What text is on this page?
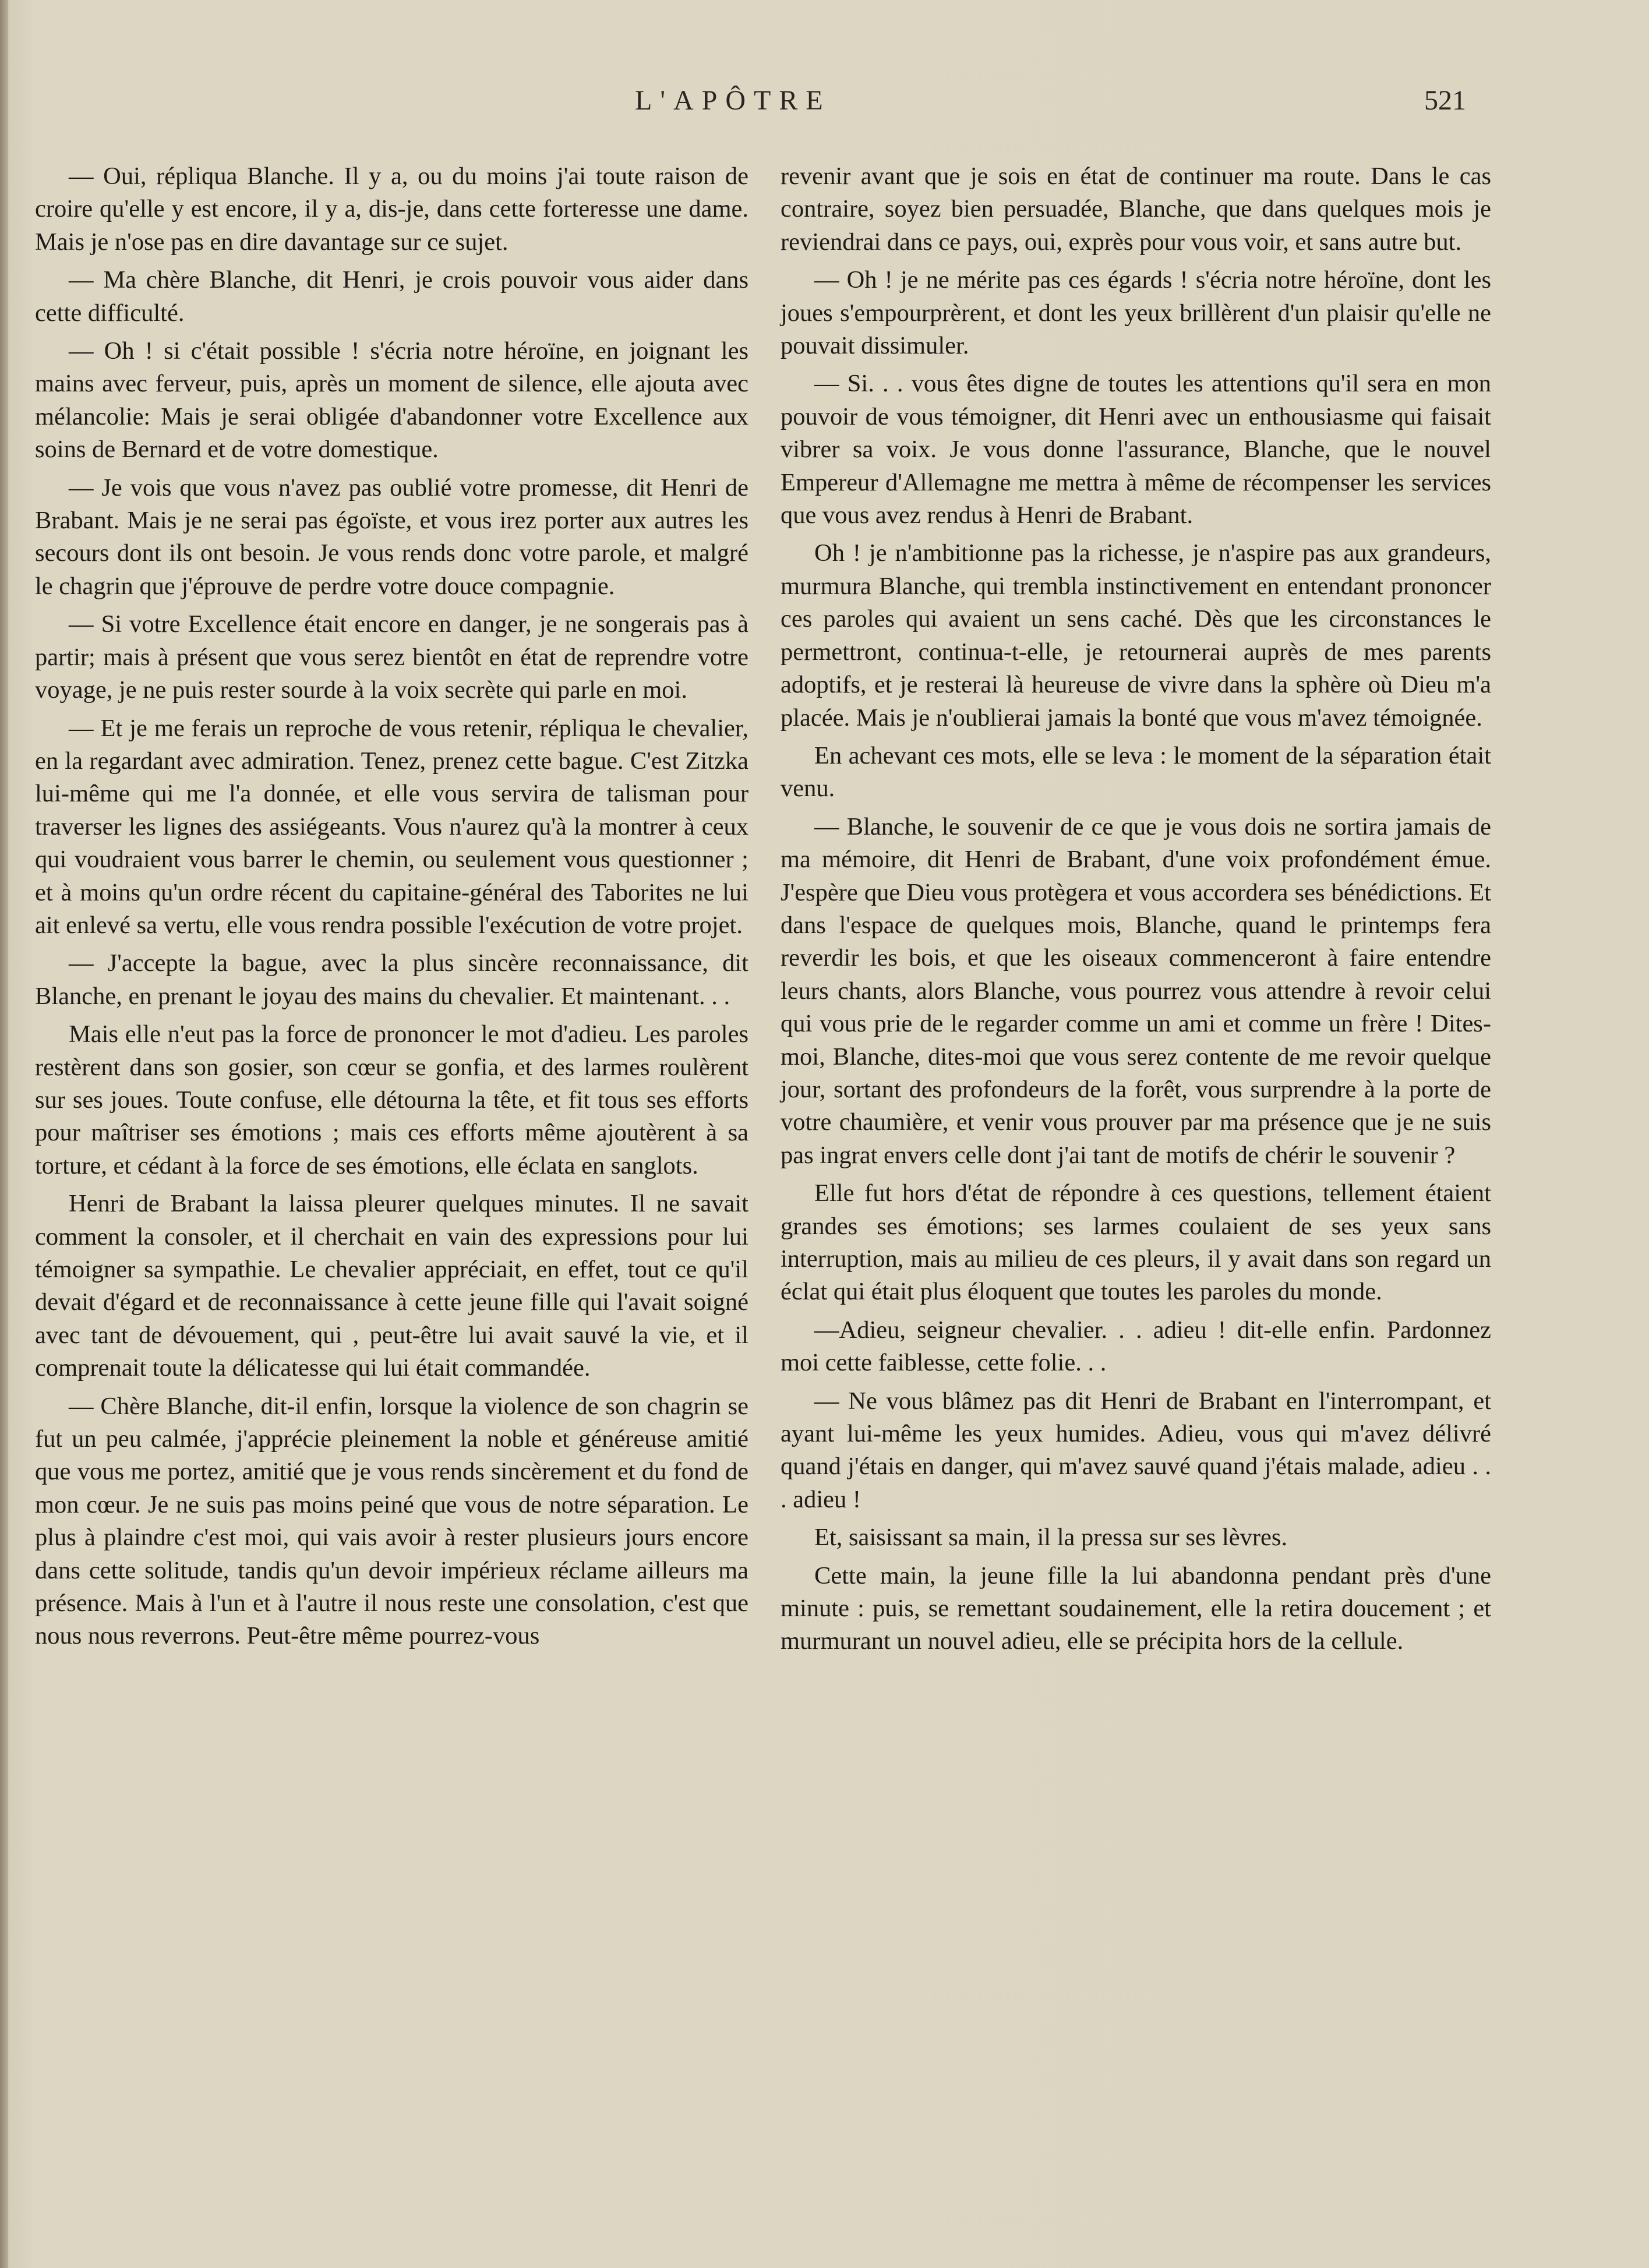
L'APÔTRE	521

— Oui, répliqua Blanche. Il y a, ou du moins j'ai toute raison de croire qu'elle y est encore, il y a, dis-je, dans cette forteresse une dame. Mais je n'ose pas en dire davantage sur ce sujet.

— Ma chère Blanche, dit Henri, je crois pouvoir vous aider dans cette difficulté.

— Oh ! si c'était possible ! s'écria notre héroïne, en joignant les mains avec ferveur, puis, après un moment de silence, elle ajouta avec mélancolie: Mais je serai obligée d'abandonner votre Excellence aux soins de Bernard et de votre domestique.

— Je vois que vous n'avez pas oublié votre promesse, dit Henri de Brabant. Mais je ne serai pas égoïste, et vous irez porter aux autres les secours dont ils ont besoin. Je vous rends donc votre parole, et malgré le chagrin que j'éprouve de perdre votre douce compagnie.

— Si votre Excellence était encore en danger, je ne songerais pas à partir; mais à présent que vous serez bientôt en état de reprendre votre voyage, je ne puis rester sourde à la voix secrète qui parle en moi.

— Et je me ferais un reproche de vous retenir, répliqua le chevalier, en la regardant avec admiration. Tenez, prenez cette bague. C'est Zitzka lui-même qui me l'a donnée, et elle vous servira de talisman pour traverser les lignes des assiégeants. Vous n'aurez qu'à la montrer à ceux qui voudraient vous barrer le chemin, ou seulement vous questionner ; et à moins qu'un ordre récent du capitaine-général des Taborites ne lui ait enlevé sa vertu, elle vous rendra possible l'exécution de votre projet.

— J'accepte la bague, avec la plus sincère reconnaissance, dit Blanche, en prenant le joyau des mains du chevalier. Et maintenant. . .

Mais elle n'eut pas la force de prononcer le mot d'adieu. Les paroles restèrent dans son gosier, son cœur se gonfia, et des larmes roulèrent sur ses joues. Toute confuse, elle détourna la tête, et fit tous ses efforts pour maîtriser ses émotions ; mais ces efforts même ajoutèrent à sa torture, et cédant à la force de ses émotions, elle éclata en sanglots.

Henri de Brabant la laissa pleurer quelques minutes. Il ne savait comment la consoler, et il cherchait en vain des expressions pour lui témoigner sa sympathie. Le chevalier appréciait, en effet, tout ce qu'il devait d'égard et de reconnaissance à cette jeune fille qui l'avait soigné avec tant de dévouement, qui , peut-être lui avait sauvé la vie, et il comprenait toute la délicatesse qui lui était commandée.

— Chère Blanche, dit-il enfin, lorsque la violence de son chagrin se fut un peu calmée, j'apprécie pleinement la noble et généreuse amitié que vous me portez, amitié que je vous rends sincèrement et du fond de mon cœur. Je ne suis pas moins peiné que vous de notre séparation. Le plus à plaindre c'est moi, qui vais avoir à rester plusieurs jours encore dans cette solitude, tandis qu'un devoir impérieux réclame ailleurs ma présence. Mais à l'un et à l'autre il nous reste une consolation, c'est que nous nous reverrons. Peut-être même pourrez-vous

revenir avant que je sois en état de continuer ma route. Dans le cas contraire, soyez bien persuadée, Blanche, que dans quelques mois je reviendrai dans ce pays, oui, exprès pour vous voir, et sans autre but.

— Oh ! je ne mérite pas ces égards ! s'écria notre héroïne, dont les joues s'empourprèrent, et dont les yeux brillèrent d'un plaisir qu'elle ne pouvait dissimuler.

— Si. . . vous êtes digne de toutes les attentions qu'il sera en mon pouvoir de vous témoigner, dit Henri avec un enthousiasme qui faisait vibrer sa voix. Je vous donne l'assurance, Blanche, que le nouvel Empereur d'Allemagne me mettra à même de récompenser les services que vous avez rendus à Henri de Brabant.

Oh ! je n'ambitionne pas la richesse, je n'aspire pas aux grandeurs, murmura Blanche, qui trembla instinctivement en entendant prononcer ces paroles qui avaient un sens caché. Dès que les circonstances le permettront, continua-t-elle, je retournerai auprès de mes parents adoptifs, et je resterai là heureuse de vivre dans la sphère où Dieu m'a placée. Mais je n'oublierai jamais la bonté que vous m'avez témoignée.

En achevant ces mots, elle se leva : le moment de la séparation était venu.

— Blanche, le souvenir de ce que je vous dois ne sortira jamais de ma mémoire, dit Henri de Brabant, d'une voix profondément émue. J'espère que Dieu vous protègera et vous accordera ses bénédictions. Et dans l'espace de quelques mois, Blanche, quand le printemps fera reverdir les bois, et que les oiseaux commenceront à faire entendre leurs chants, alors Blanche, vous pourrez vous attendre à revoir celui qui vous prie de le regarder comme un ami et comme un frère ! Dites-moi, Blanche, dites-moi que vous serez contente de me revoir quelque jour, sortant des profondeurs de la forêt, vous surprendre à la porte de votre chaumière, et venir vous prouver par ma présence que je ne suis pas ingrat envers celle dont j'ai tant de motifs de chérir le souvenir ?

Elle fut hors d'état de répondre à ces questions, tellement étaient grandes ses émotions; ses larmes coulaient de ses yeux sans interruption, mais au milieu de ces pleurs, il y avait dans son regard un éclat qui était plus éloquent que toutes les paroles du monde.

—Adieu, seigneur chevalier. . . adieu ! dit-elle enfin. Pardonnez moi cette faiblesse, cette folie. . .

— Ne vous blâmez pas dit Henri de Brabant en l'interrompant, et ayant lui-même les yeux humides. Adieu, vous qui m'avez délivré quand j'étais en danger, qui m'avez sauvé quand j'étais malade, adieu . . . adieu !

Et, saisissant sa main, il la pressa sur ses lèvres.

Cette main, la jeune fille la lui abandonna pendant près d'une minute : puis, se remettant soudainement, elle la retira doucement ; et murmurant un nouvel adieu, elle se précipita hors de la cellule.
